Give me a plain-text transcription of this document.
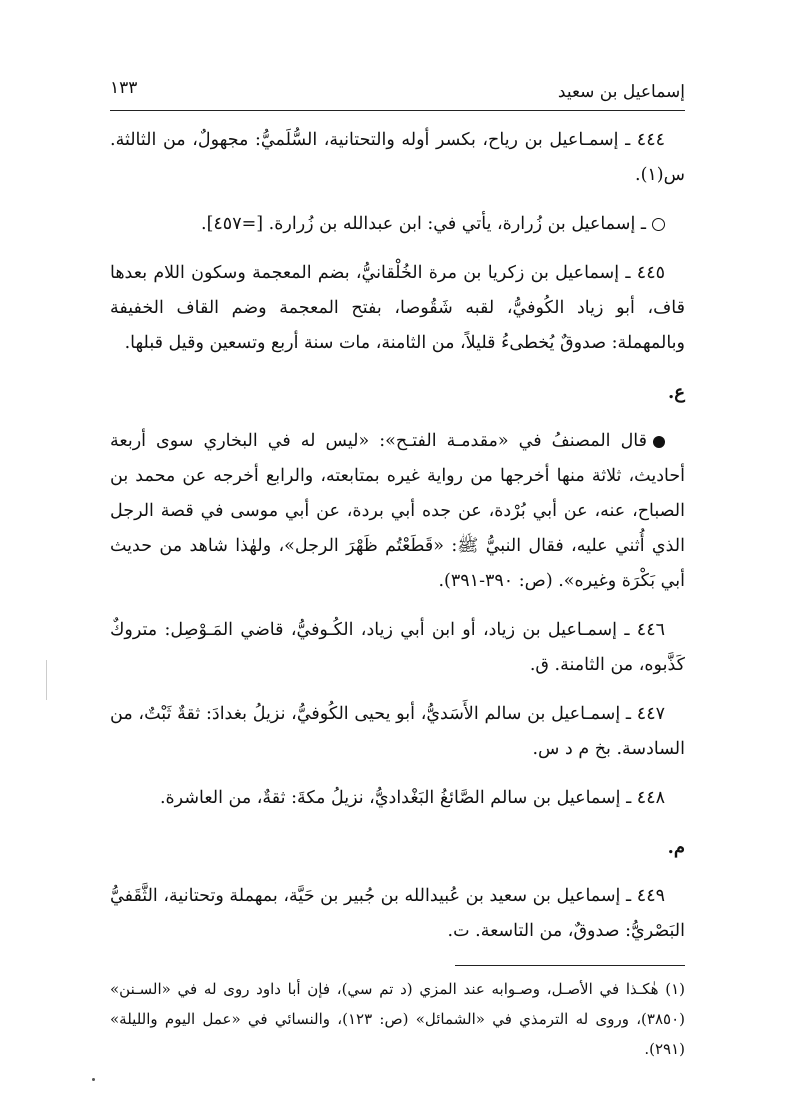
إسماعيل بن سعيد
١٣٣

٤٤٤ ـ إسمـاعيل بن رياح، بكسر أوله والتحتانية، السُّلَميُّ: مجهولٌ، من الثالثة. س(١).

ـ إسماعيل بن زُرارة، يأتي في: ابن عبدالله بن زُرارة. [=٤٥٧].

٤٤٥ ـ إسماعيل بن زكريا بن مرة الخُلْقانيُّ، بضم المعجمة وسكون اللام بعدها قاف، أبو زياد الكُوفيُّ، لقبه شَقُوصا، بفتح المعجمة وضم القاف الخفيفة وبالمهملة: صدوقٌ يُخطىءُ قليلاً، من الثامنة، مات سنة أربع وتسعين وقيل قبلها.

ع.

قال المصنفُ في «مقدمـة الفتـح»: «ليس له في البخاري سوى أربعة أحاديث، ثلاثة منها أخرجها من رواية غيره بمتابعته، والرابع أخرجه عن محمد بن الصباح، عنه، عن أبي بُرْدة، عن جده أبي بردة، عن أبي موسى في قصة الرجل الذي أُثني عليه، فقال النبيُّ ﷺ: «قَطَعْتُم ظَهْرَ الرجل»، ولهٰذا شاهد من حديث أبي بَكْرَة وغيره». (ص: ٣٩٠-٣٩١).

٤٤٦ ـ إسمـاعيل بن زياد، أو ابن أبي زياد، الكُـوفيُّ، قاضي المَـوْصِل: متروكٌ كَذَّبوه، من الثامنة. ق.

٤٤٧ ـ إسمـاعيل بن سالم الأَسَديُّ، أبو يحيى الكُوفيُّ، نزيلُ بغدادَ: ثقةٌ ثَبْتٌ، من السادسة. بخ م د س.

٤٤٨ ـ إسماعيل بن سالم الصَّائغُ البَغْداديُّ، نزيلُ مكةَ: ثقةٌ، من العاشرة.

م.

٤٤٩ ـ إسماعيل بن سعيد بن عُبيدالله بن جُبير بن حَيَّة، بمهملة وتحتانية، الثَّقَفيُّ البَصْريُّ: صدوقٌ، من التاسعة. ت.

(١) هٰكـذا في الأصـل، وصـوابه عند المزي (د تم سي)، فإن أبا داود روى له في «السـنن» (٣٨٥٠)، وروى له الترمذي في «الشمائل» (ص: ١٢٣)، والنسائي في «عمل اليوم والليلة» (٢٩١).
